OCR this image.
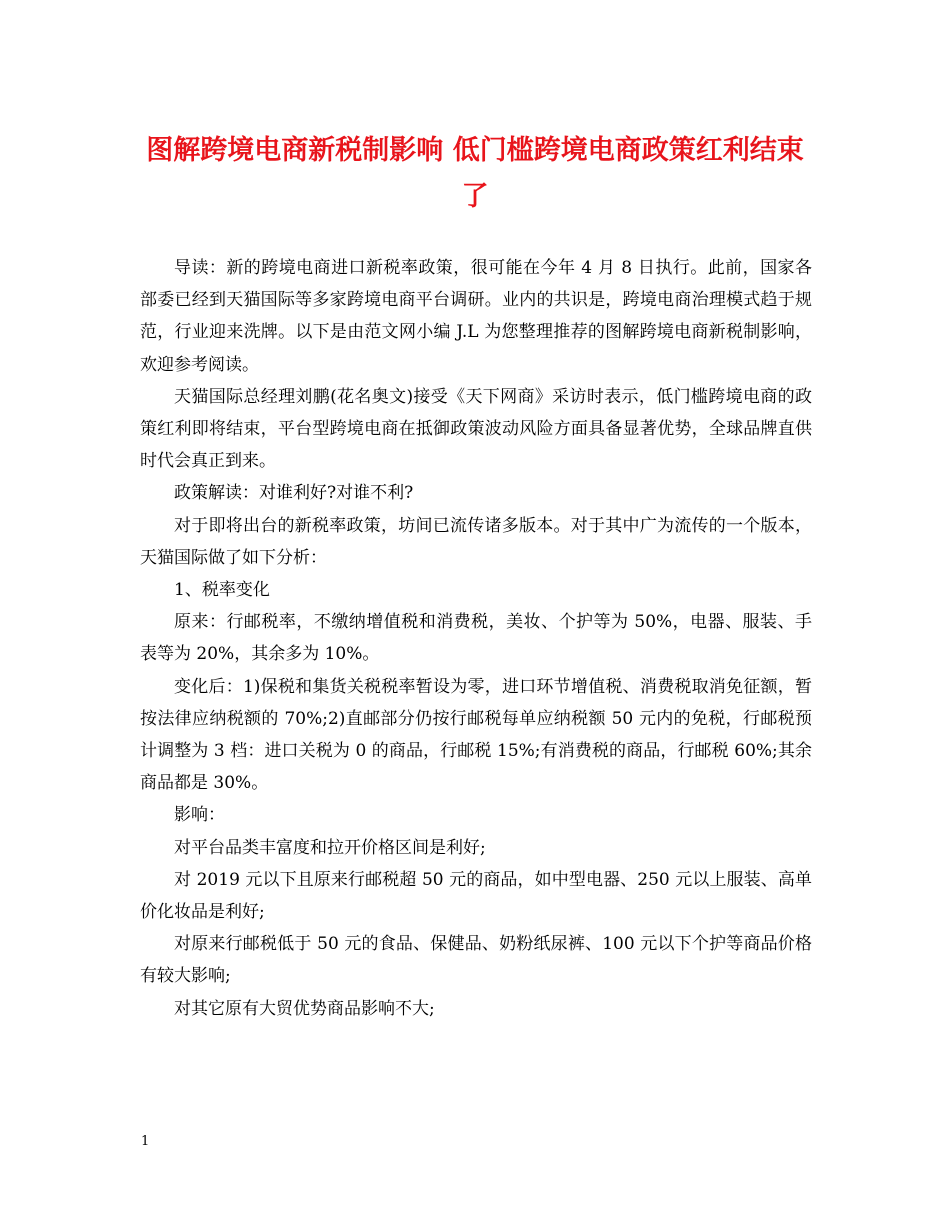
图解跨境电商新税制影响 低门槛跨境电商政策红利结束了

导读：新的跨境电商进口新税率政策，很可能在今年 4 月 8 日执行。此前，国家各部委已经到天猫国际等多家跨境电商平台调研。业内的共识是，跨境电商治理模式趋于规范，行业迎来洗牌。以下是由范文网小编 J.L 为您整理推荐的图解跨境电商新税制影响，欢迎参考阅读。

天猫国际总经理刘鹏(花名奥文)接受《天下网商》采访时表示，低门槛跨境电商的政策红利即将结束，平台型跨境电商在抵御政策波动风险方面具备显著优势，全球品牌直供时代会真正到来。

政策解读：对谁利好?对谁不利?

对于即将出台的新税率政策，坊间已流传诸多版本。对于其中广为流传的一个版本，天猫国际做了如下分析：

1、税率变化

原来：行邮税率，不缴纳增值税和消费税，美妆、个护等为 50%，电器、服装、手表等为 20%，其余多为 10%。

变化后：1)保税和集货关税税率暂设为零，进口环节增值税、消费税取消免征额，暂按法律应纳税额的 70%;2)直邮部分仍按行邮税每单应纳税额 50 元内的免税，行邮税预计调整为 3 档：进口关税为 0 的商品，行邮税 15%;有消费税的商品，行邮税 60%;其余商品都是 30%。

影响：

对平台品类丰富度和拉开价格区间是利好;

对 2019 元以下且原来行邮税超 50 元的商品，如中型电器、250 元以上服装、高单价化妆品是利好;

对原来行邮税低于 50 元的食品、保健品、奶粉纸尿裤、100 元以下个护等商品价格有较大影响;

对其它原有大贸优势商品影响不大;

1
